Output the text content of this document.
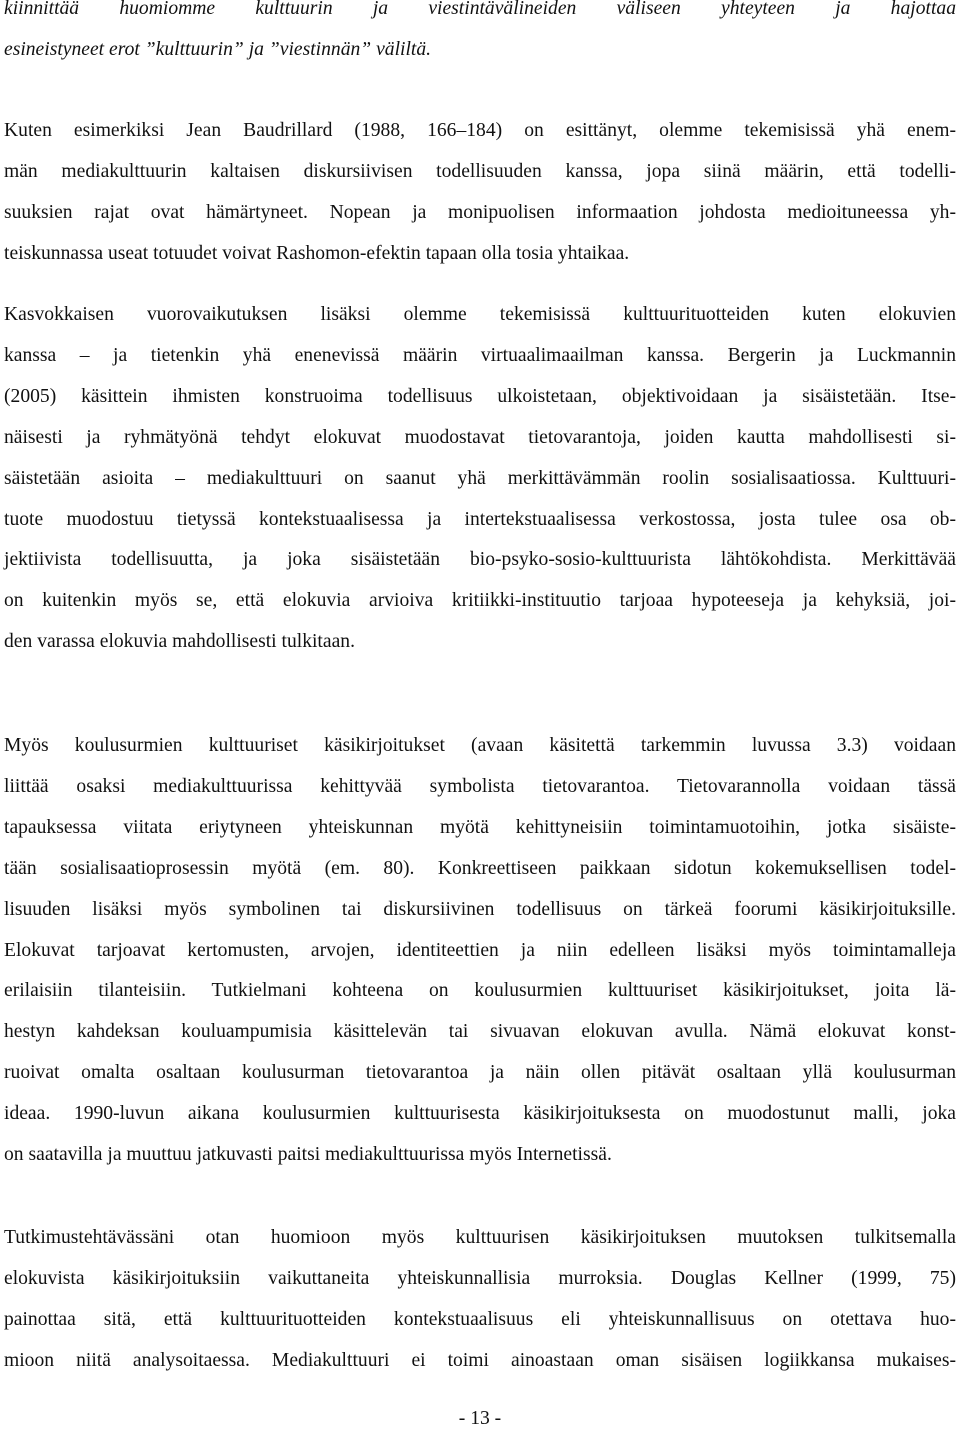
kiinnittää huomiomme kulttuurin ja viestintävälineiden väliseen yhteyteen ja hajottaa
esineistyneet erot ”kulttuurin” ja ”viestinnän” väliltä.

Kuten esimerkiksi Jean Baudrillard (1988, 166–184) on esittänyt, olemme tekemisissä yhä enem-
män mediakulttuurin kaltaisen diskursiivisen todellisuuden kanssa, jopa siinä määrin, että todelli-
suuksien rajat ovat hämärtyneet. Nopean ja monipuolisen informaation johdosta medioituneessa yh-
teiskunnassa useat totuudet voivat Rashomon-efektin tapaan olla tosia yhtaikaa.

Kasvokkaisen vuorovaikutuksen lisäksi olemme tekemisissä kulttuurituotteiden kuten elokuvien
kanssa – ja tietenkin yhä enenevissä määrin virtuaalimaailman kanssa. Bergerin ja Luckmannin
(2005) käsittein ihmisten konstruoima todellisuus ulkoistetaan, objektivoidaan ja sisäistetään. Itse-
näisesti ja ryhmätyönä tehdyt elokuvat muodostavat tietovarantoja, joiden kautta mahdollisesti si-
säistetään asioita – mediakulttuuri on saanut yhä merkittävämmän roolin sosialisaatiossa. Kulttuuri-
tuote muodostuu tietyssä kontekstuaalisessa ja intertekstuaalisessa verkostossa, josta tulee osa ob-
jektiivista todellisuutta, ja joka sisäistetään bio-psyko-sosio-kulttuurista lähtökohdista. Merkittävää
on kuitenkin myös se, että elokuvia arvioiva kritiikki-instituutio tarjoaa hypoteeseja ja kehyksiä, joi-
den varassa elokuvia mahdollisesti tulkitaan.

Myös koulusurmien kulttuuriset käsikirjoitukset (avaan käsitettä tarkemmin luvussa 3.3) voidaan
liittää osaksi mediakulttuurissa kehittyvää symbolista tietovarantoa. Tietovarannolla voidaan tässä
tapauksessa viitata eriytyneen yhteiskunnan myötä kehittyneisiin toimintamuotoihin, jotka sisäiste-
tään sosialisaatioprosessin myötä (em. 80). Konkreettiseen paikkaan sidotun kokemuksellisen todel-
lisuuden lisäksi myös symbolinen tai diskursiivinen todellisuus on tärkeä foorumi käsikirjoituksille.
Elokuvat tarjoavat kertomusten, arvojen, identiteettien ja niin edelleen lisäksi myös toimintamalleja
erilaisiin tilanteisiin. Tutkielmani kohteena on koulusurmien kulttuuriset käsikirjoitukset, joita lä-
hestyn kahdeksan kouluampumisia käsittelevän tai sivuavan elokuvan avulla. Nämä elokuvat konst-
ruoivat omalta osaltaan koulusurman tietovarantoa ja näin ollen pitävät osaltaan yllä koulusurman
ideaa. 1990-luvun aikana koulusurmien kulttuurisesta käsikirjoituksesta on muodostunut malli, joka
on saatavilla ja muuttuu jatkuvasti paitsi mediakulttuurissa myös Internetissä.

Tutkimustehtävässäni otan huomioon myös kulttuurisen käsikirjoituksen muutoksen tulkitsemalla
elokuvista käsikirjoituksiin vaikuttaneita yhteiskunnallisia murroksia. Douglas Kellner (1999, 75)
painottaa sitä, että kulttuurituotteiden kontekstuaalisuus eli yhteiskunnallisuus on otettava huo-
mioon niitä analysoitaessa. Mediakulttuuri ei toimi ainoastaan oman sisäisen logiikkansa mukaises-

- 13 -
